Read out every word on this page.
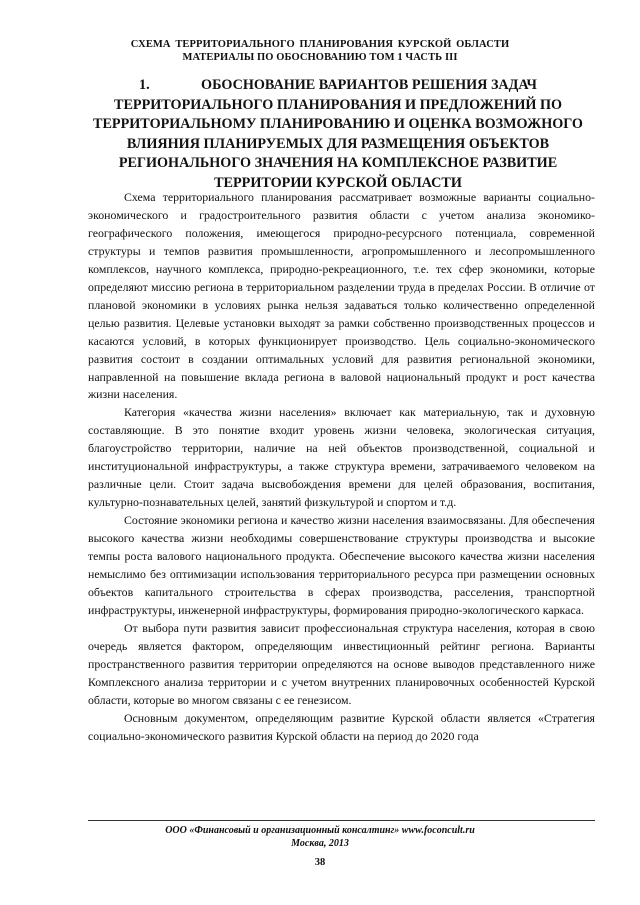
СХЕМА ТЕРРИТОРИАЛЬНОГО ПЛАНИРОВАНИЯ КУРСКОЙ ОБЛАСТИ
МАТЕРИАЛЫ ПО ОБОСНОВАНИЮ ТОМ 1 ЧАСТЬ III
1.	ОБОСНОВАНИЕ ВАРИАНТОВ РЕШЕНИЯ ЗАДАЧ ТЕРРИТОРИАЛЬНОГО ПЛАНИРОВАНИЯ И ПРЕДЛОЖЕНИЙ ПО ТЕРРИТОРИАЛЬНОМУ ПЛАНИРОВАНИЮ И ОЦЕНКА ВОЗМОЖНОГО ВЛИЯНИЯ ПЛАНИРУЕМЫХ ДЛЯ РАЗМЕЩЕНИЯ ОБЪЕКТОВ РЕГИОНАЛЬНОГО ЗНАЧЕНИЯ НА КОМПЛЕКСНОЕ РАЗВИТИЕ ТЕРРИТОРИИ КУРСКОЙ ОБЛАСТИ

Схема территориального планирования рассматривает возможные варианты социально-экономического и градостроительного развития области с учетом анализа экономико-географического положения, имеющегося природно-ресурсного потенциала, современной структуры и темпов развития промышленности, агропромышленного и лесопромышленного комплексов, научного комплекса, природно-рекреационного, т.е. тех сфер экономики, которые определяют миссию региона в территориальном разделении труда в пределах России. В отличие от плановой экономики в условиях рынка нельзя задаваться только количественно определенной целью развития. Целевые установки выходят за рамки собственно производственных процессов и касаются условий, в которых функционирует производство. Цель социально-экономического развития состоит в создании оптимальных условий для развития региональной экономики, направленной на повышение вклада региона в валовой национальный продукт и рост качества жизни населения.

Категория «качества жизни населения» включает как материальную, так и духовную составляющие. В это понятие входит уровень жизни человека, экологическая ситуация, благоустройство территории, наличие на ней объектов производственной, социальной и институциональной инфраструктуры, а также структура времени, затрачиваемого человеком на различные цели. Стоит задача высвобождения времени для целей образования, воспитания, культурно-познавательных целей, занятий физкультурой и спортом и т.д.

Состояние экономики региона и качество жизни населения взаимосвязаны. Для обеспечения высокого качества жизни необходимы совершенствование структуры производства и высокие темпы роста валового национального продукта. Обеспечение высокого качества жизни населения немыслимо без оптимизации использования территориального ресурса при размещении основных объектов капитального строительства в сферах производства, расселения, транспортной инфраструктуры, инженерной инфраструктуры, формирования природно-экологического каркаса.

От выбора пути развития зависит профессиональная структура населения, которая в свою очередь является фактором, определяющим инвестиционный рейтинг региона. Варианты пространственного развития территории определяются на основе выводов представленного ниже Комплексного анализа территории и с учетом внутренних планировочных особенностей Курской области, которые во многом связаны с ее генезисом.

Основным документом, определяющим развитие Курской области является «Стратегия социально-экономического развития Курской области на период до 2020 года

ООО «Финансовый и организационный консалтинг» www.foconcult.ru
Москва, 2013
38
